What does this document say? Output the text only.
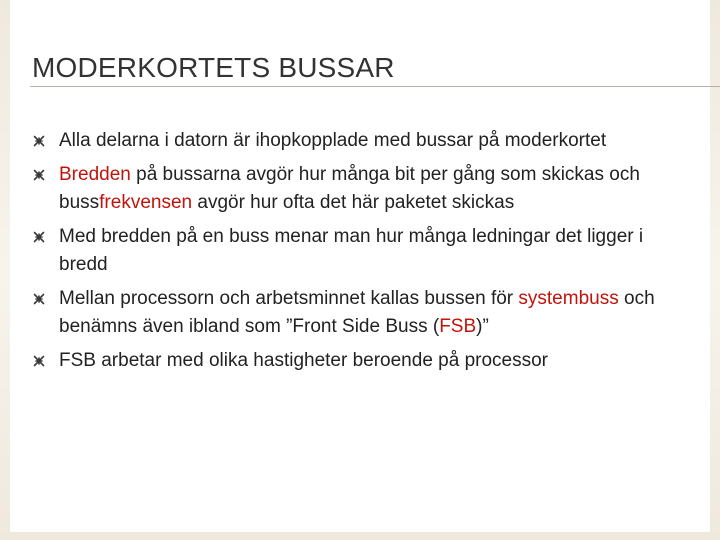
MODERKORTETS BUSSAR
Alla delarna i datorn är ihopkopplade med bussar på moderkortet
Bredden på bussarna avgör hur många bit per gång som skickas och bussfrekvensen avgör hur ofta det här paketet skickas
Med bredden på en buss menar man hur många ledningar det ligger i bredd
Mellan processorn och arbetsminnet kallas bussen för systembuss och benämns även ibland som ”Front Side Buss (FSB)”
FSB arbetar med olika hastigheter beroende på processor
